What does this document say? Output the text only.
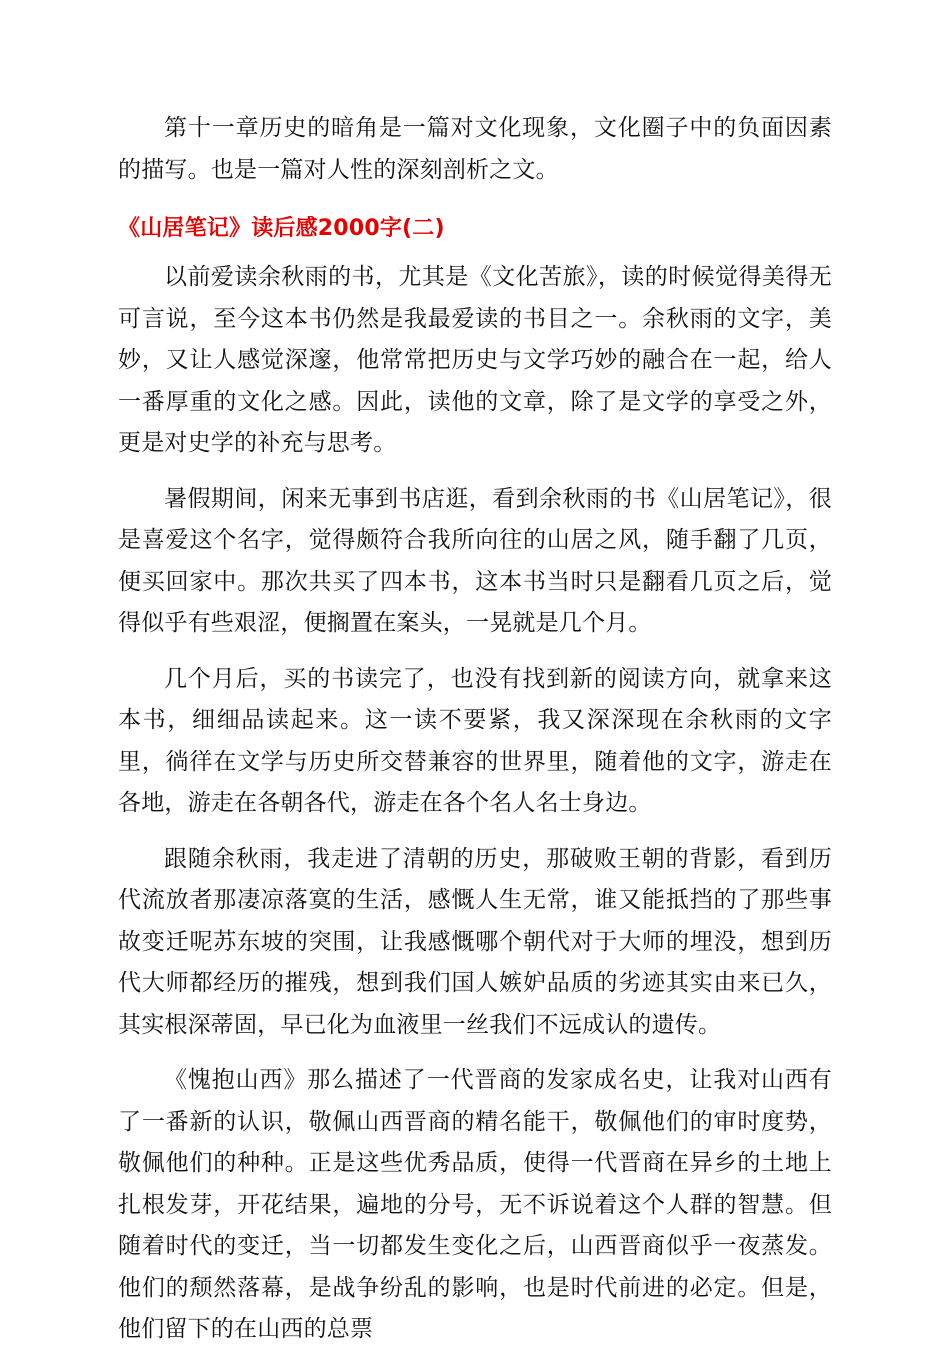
第十一章历史的暗角是一篇对文化现象，文化圈子中的负面因素的描写。也是一篇对人性的深刻剖析之文。

《山居笔记》读后感2000字(二)

以前爱读余秋雨的书，尤其是《文化苦旅》，读的时候觉得美得无可言说，至今这本书仍然是我最爱读的书目之一。余秋雨的文字，美妙，又让人感觉深邃，他常常把历史与文学巧妙的融合在一起，给人一番厚重的文化之感。因此，读他的文章，除了是文学的享受之外，更是对史学的补充与思考。

暑假期间，闲来无事到书店逛，看到余秋雨的书《山居笔记》，很是喜爱这个名字，觉得颇符合我所向往的山居之风，随手翻了几页，便买回家中。那次共买了四本书，这本书当时只是翻看几页之后，觉得似乎有些艰涩，便搁置在案头，一晃就是几个月。

几个月后，买的书读完了，也没有找到新的阅读方向，就拿来这本书，细细品读起来。这一读不要紧，我又深深现在余秋雨的文字里，徜徉在文学与历史所交替兼容的世界里，随着他的文字，游走在各地，游走在各朝各代，游走在各个名人名士身边。

跟随余秋雨，我走进了清朝的历史，那破败王朝的背影，看到历代流放者那凄凉落寞的生活，感慨人生无常，谁又能抵挡的了那些事故变迁呢苏东坡的突围，让我感慨哪个朝代对于大师的埋没，想到历代大师都经历的摧残，想到我们国人嫉妒品质的劣迹其实由来已久，其实根深蒂固，早已化为血液里一丝我们不远成认的遗传。

《愧抱山西》那么描述了一代晋商的发家成名史，让我对山西有了一番新的认识，敬佩山西晋商的精名能干，敬佩他们的审时度势，敬佩他们的种种。正是这些优秀品质，使得一代晋商在异乡的土地上扎根发芽，开花结果，遍地的分号，无不诉说着这个人群的智慧。但随着时代的变迁，当一切都发生变化之后，山西晋商似乎一夜蒸发。他们的颓然落幕，是战争纷乱的影响，也是时代前进的必定。但是，他们留下的在山西的总票
